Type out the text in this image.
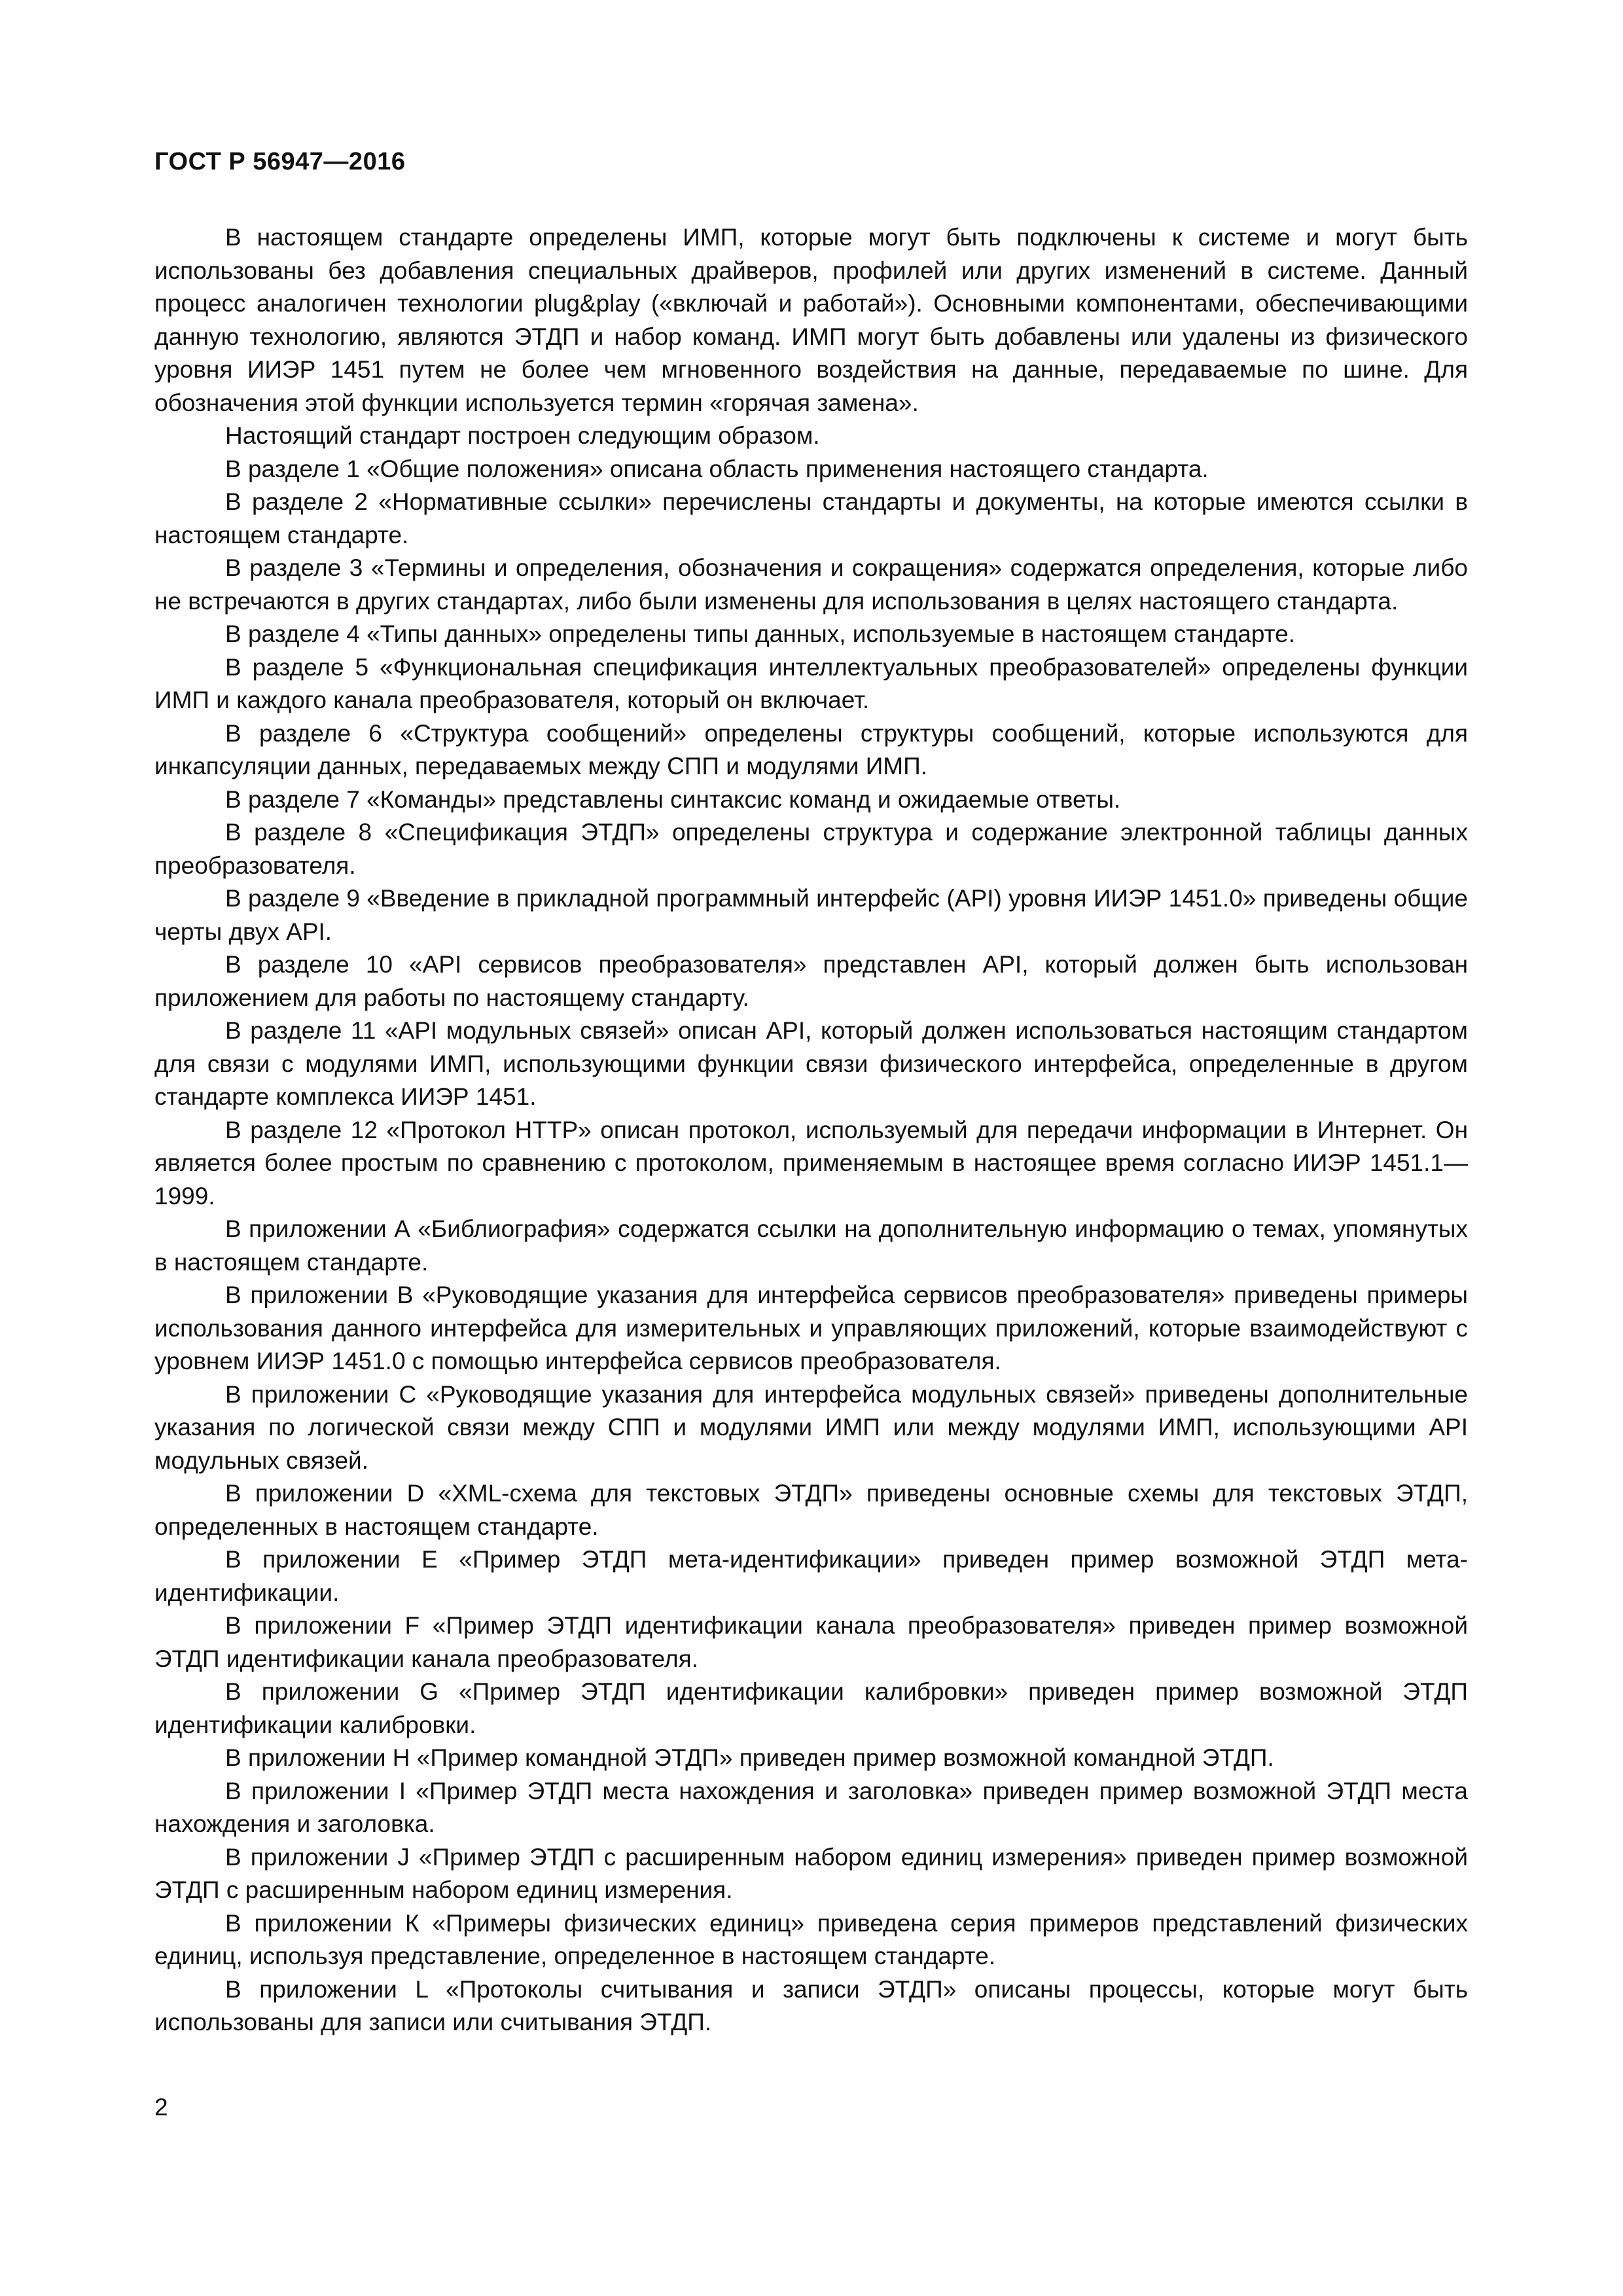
ГОСТ Р 56947—2016

В настоящем стандарте определены ИМП, которые могут быть подключены к системе и могут быть использованы без добавления специальных драйверов, профилей или других изменений в системе. Данный процесс аналогичен технологии plug&play («включай и работай»). Основными компонентами, обеспечивающими данную технологию, являются ЭТДП и набор команд. ИМП могут быть добавлены или удалены из физического уровня ИИЭР 1451 путем не более чем мгновенного воздействия на данные, передаваемые по шине. Для обозначения этой функции используется термин «горячая замена».

Настоящий стандарт построен следующим образом.

В разделе 1 «Общие положения» описана область применения настоящего стандарта.

В разделе 2 «Нормативные ссылки» перечислены стандарты и документы, на которые имеются ссылки в настоящем стандарте.

В разделе 3 «Термины и определения, обозначения и сокращения» содержатся определения, которые либо не встречаются в других стандартах, либо были изменены для использования в целях настоящего стандарта.

В разделе 4 «Типы данных» определены типы данных, используемые в настоящем стандарте.

В разделе 5 «Функциональная спецификация интеллектуальных преобразователей» определены функции ИМП и каждого канала преобразователя, который он включает.

В разделе 6 «Структура сообщений» определены структуры сообщений, которые используются для инкапсуляции данных, передаваемых между СПП и модулями ИМП.

В разделе 7 «Команды» представлены синтаксис команд и ожидаемые ответы.

В разделе 8 «Спецификация ЭТДП» определены структура и содержание электронной таблицы данных преобразователя.

В разделе 9 «Введение в прикладной программный интерфейс (API) уровня ИИЭР 1451.0» приведены общие черты двух API.

В разделе 10 «API сервисов преобразователя» представлен API, который должен быть использован приложением для работы по настоящему стандарту.

В разделе 11 «API модульных связей» описан API, который должен использоваться настоящим стандартом для связи с модулями ИМП, использующими функции связи физического интерфейса, определенные в другом стандарте комплекса ИИЭР 1451.

В разделе 12 «Протокол HTTP» описан протокол, используемый для передачи информации в Интернет. Он является более простым по сравнению с протоколом, применяемым в настоящее время согласно ИИЭР 1451.1—1999.

В приложении А «Библиография» содержатся ссылки на дополнительную информацию о темах, упомянутых в настоящем стандарте.

В приложении В «Руководящие указания для интерфейса сервисов преобразователя» приведены примеры использования данного интерфейса для измерительных и управляющих приложений, которые взаимодействуют с уровнем ИИЭР 1451.0 с помощью интерфейса сервисов преобразователя.

В приложении С «Руководящие указания для интерфейса модульных связей» приведены дополнительные указания по логической связи между СПП и модулями ИМП или между модулями ИМП, использующими API модульных связей.

В приложении D «XML-схема для текстовых ЭТДП» приведены основные схемы для текстовых ЭТДП, определенных в настоящем стандарте.

В приложении Е «Пример ЭТДП мета-идентификации» приведен пример возможной ЭТДП метаидентификации.

В приложении F «Пример ЭТДП идентификации канала преобразователя» приведен пример возможной ЭТДП идентификации канала преобразователя.

В приложении G «Пример ЭТДП идентификации калибровки» приведен пример возможной ЭТДП идентификации калибровки.

В приложении Н «Пример командной ЭТДП» приведен пример возможной командной ЭТДП.

В приложении I «Пример ЭТДП места нахождения и заголовка» приведен пример возможной ЭТДП места нахождения и заголовка.

В приложении J «Пример ЭТДП с расширенным набором единиц измерения» приведен пример возможной ЭТДП с расширенным набором единиц измерения.

В приложении К «Примеры физических единиц» приведена серия примеров представлений физических единиц, используя представление, определенное в настоящем стандарте.

В приложении L «Протоколы считывания и записи ЭТДП» описаны процессы, которые могут быть использованы для записи или считывания ЭТДП.

2
